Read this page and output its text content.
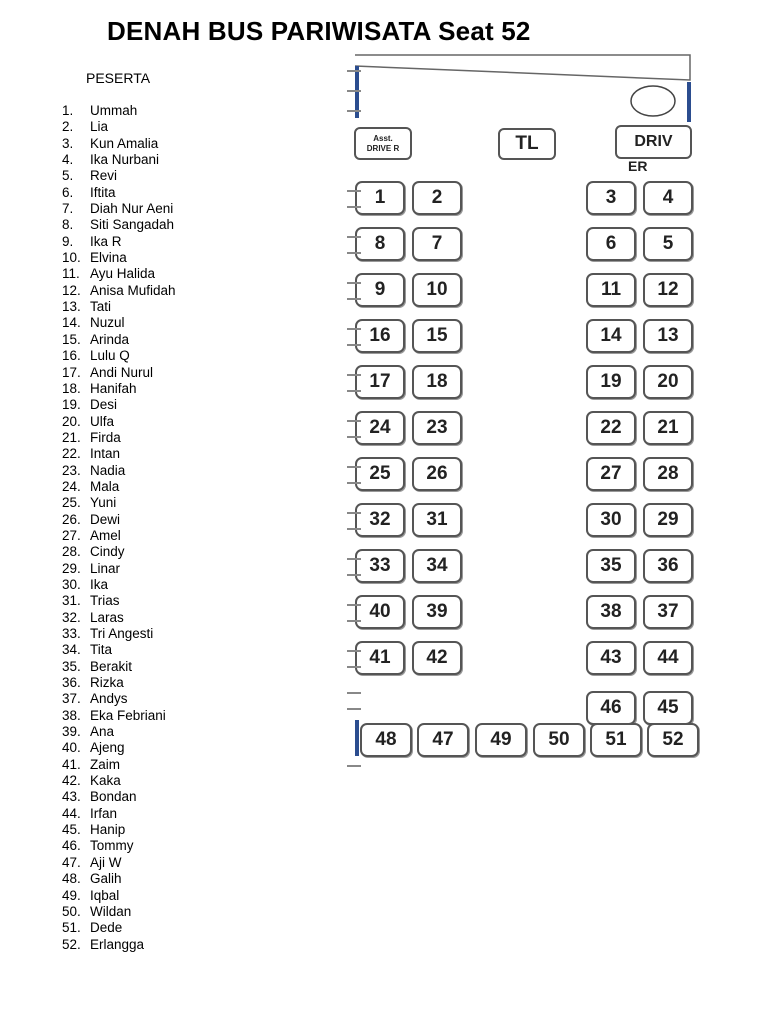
DENAH BUS PARIWISATA Seat 52
PESERTA
1. Ummah
2. Lia
3. Kun Amalia
4. Ika Nurbani
5. Revi
6. Iftita
7. Diah Nur Aeni
8. Siti Sangadah
9. Ika R
10. Elvina
11. Ayu Halida
12. Anisa Mufidah
13. Tati
14. Nuzul
15. Arinda
16. Lulu Q
17. Andi Nurul
18. Hanifah
19. Desi
20. Ulfa
21. Firda
22. Intan
23. Nadia
24. Mala
25. Yuni
26. Dewi
27. Amel
28. Cindy
29. Linar
30. Ika
31. Trias
32. Laras
33. Tri Angesti
34. Tita
35. Berakit
36. Rizka
37. Andys
38. Eka Febriani
39. Ana
40. Ajeng
41. Zaim
42. Kaka
43. Bondan
44. Irfan
45. Hanip
46. Tommy
47. Aji W
48. Galih
49. Iqbal
50. Wildan
51. Dede
52. Erlangga
Asst. DRIVE R	TL	DRIV
ER
1	2	3	4
8	7	6	5
9	10	11	12
16	15	14	13
17	18	19	20
24	23	22	21
25	26	27	28
32	31	30	29
33	34	35	36
40	39	38	37
41	42	43	44
46	45
48	47	49	50	51	52
